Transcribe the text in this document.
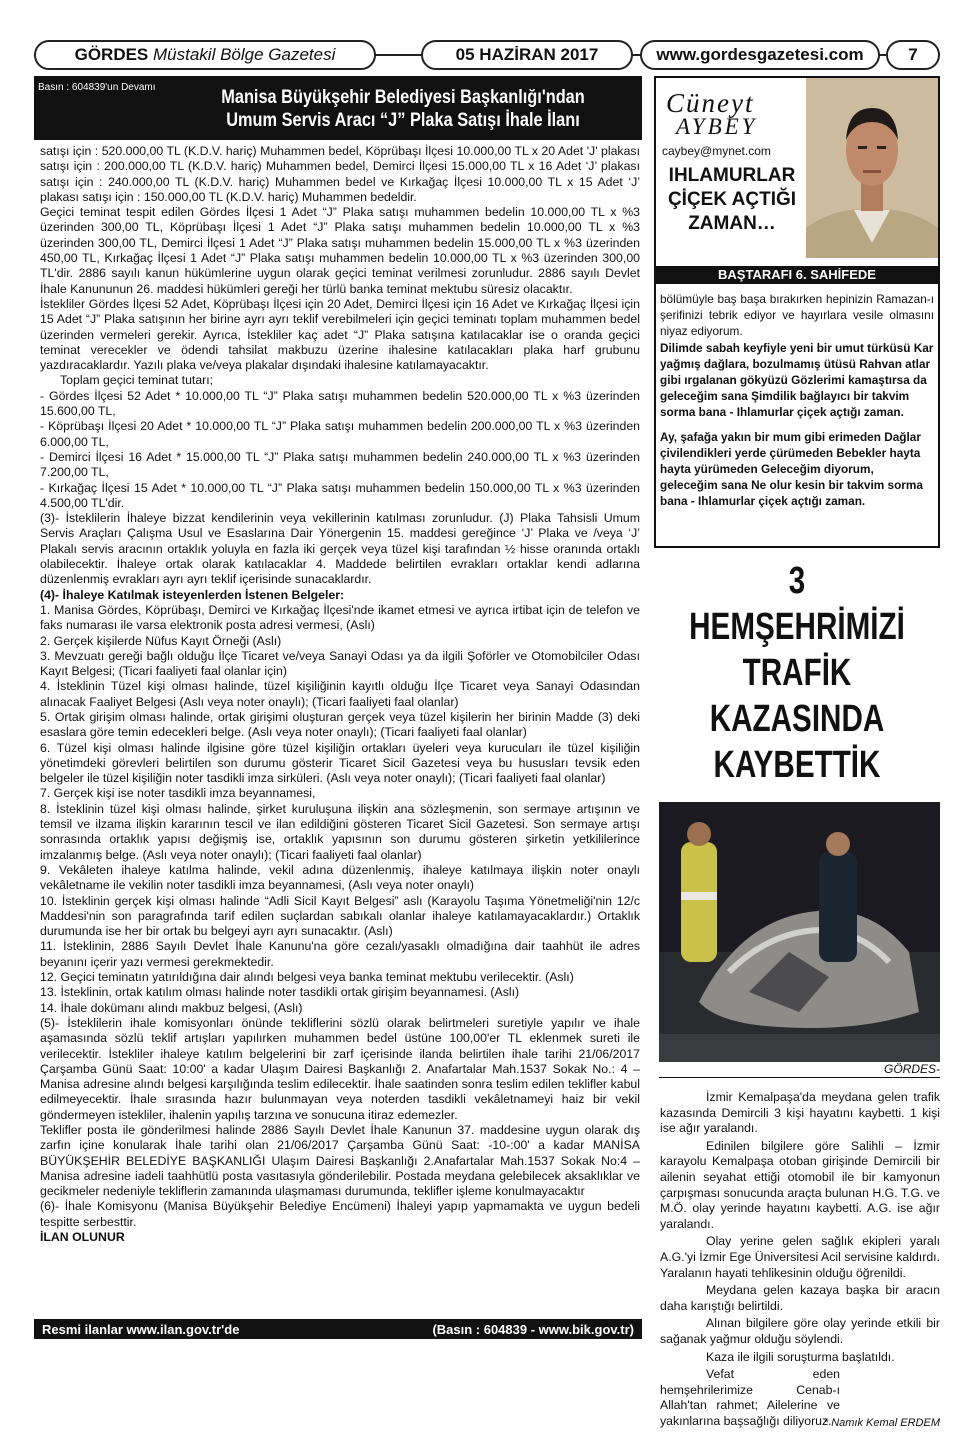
GÖRDES
Müstakil Bölge Gazetesi	05 HAZİRAN 2017	www.gordesgazetesi.com	7
Basın : 604839'un Devamı	Manisa Büyükşehir Belediyesi Başkanlığı'ndan
Umum Servis Aracı “J” Plaka Satışı İhale İlanı

satışı için : 520.000,00 TL (K.D.V. hariç) Muhammen bedel, Köprübaşı İlçesi 10.000,00 TL x 20 Adet 'J' plakası satışı için : 200.000,00 TL (K.D.V. hariç) Muhammen bedel, Demirci İlçesi 15.000,00 TL x 16 Adet ‘J’ plakası satışı için : 240.000,00 TL (K.D.V. hariç) Muhammen bedel ve Kırkağaç İlçesi 10.000,00 TL x 15 Adet ‘J’ plakası satışı için : 150.000,00 TL (K.D.V. hariç) Muhammen bedeldir.

Geçici teminat tespit edilen Gördes İlçesi 1 Adet “J” Plaka satışı muhammen bedelin 10.000,00 TL x %3 üzerinden 300,00 TL, Köprübaşı İlçesi 1 Adet “J” Plaka satışı muhammen bedelin 10.000,00 TL x %3 üzerinden 300,00 TL, Demirci İlçesi 1 Adet “J” Plaka satışı muhammen bedelin 15.000,00 TL x %3 üzerinden 450,00 TL, Kırkağaç İlçesi 1 Adet “J” Plaka satışı muhammen bedelin 10.000,00 TL x %3 üzerinden 300,00 TL'dir. 2886 sayılı kanun hükümlerine uygun olarak geçici teminat verilmesi zorunludur. 2886 sayılı Devlet İhale Kanununun 26. maddesi hükümleri gereği her türlü banka teminat mektubu süresiz olacaktır.

İstekliler Gördes İlçesi 52 Adet, Köprübaşı İlçesi için 20 Adet, Demirci İlçesi için 16 Adet ve Kırkağaç İlçesi için 15 Adet “J” Plaka satışının her birine ayrı ayrı teklif verebilmeleri için geçici teminatı toplam muhammen bedel üzerinden vermeleri gerekir. Ayrıca, İstekliler kaç adet “J” Plaka satışına katılacaklar ise o oranda geçici teminat verecekler ve ödendi tahsilat makbuzu üzerine ihalesine katılacakları plaka harf grubunu yazdıracaklardır. Yazılı plaka ve/veya plakalar dışındaki ihalesine katılamayacaktır.

Toplam geçici teminat tutarı;

- Gördes İlçesi 52 Adet * 10.000,00 TL “J” Plaka satışı muhammen bedelin 520.000,00 TL x %3 üzerinden 15.600,00 TL,

- Köprübaşı İlçesi 20 Adet * 10.000,00 TL “J” Plaka satışı muhammen bedelin 200.000,00 TL x %3 üzerinden 6.000,00 TL,

- Demirci İlçesi 16 Adet * 15.000,00 TL “J” Plaka satışı muhammen bedelin 240.000,00 TL x %3 üzerinden 7.200,00 TL,

- Kırkağaç İlçesi 15 Adet * 10.000,00 TL “J” Plaka satışı muhammen bedelin 150.000,00 TL x %3 üzerinden 4.500,00 TL'dir.

(3)- İsteklilerin İhaleye bizzat kendilerinin veya vekillerinin katılması zorunludur. (J) Plaka Tahsisli Umum Servis Araçları Çalışma Usul ve Esaslarına Dair Yönergenin 15. maddesi gereğince ‘J’ Plaka ve /veya ‘J’ Plakalı servis aracının ortaklık yoluyla en fazla iki gerçek veya tüzel kişi tarafından ½ hisse oranında ortaklı olabilecektir. İhaleye ortak olarak katılacaklar 4. Maddede belirtilen evrakları ortaklar kendi adlarına düzenlenmiş evrakları ayrı ayrı teklif içerisinde sunacaklardır.

(4)- İhaleye Katılmak isteyenlerden İstenen Belgeler:

1. Manisa Gördes, Köprübaşı, Demirci ve Kırkağaç İlçesi'nde ikamet etmesi ve ayrıca irtibat için de telefon ve faks numarası ile varsa elektronik posta adresi vermesi, (Aslı)

2. Gerçek kişilerde Nüfus Kayıt Örneği (Aslı)

3. Mevzuatı gereği bağlı olduğu İlçe Ticaret ve/veya Sanayi Odası ya da ilgili Şoförler ve Otomobilciler Odası Kayıt Belgesi; (Ticari faaliyeti faal olanlar için)

4. İsteklinin Tüzel kişi olması halinde, tüzel kişiliğinin kayıtlı olduğu İlçe Ticaret veya Sanayi Odasından alınacak Faaliyet Belgesi (Aslı veya noter onaylı); (Ticari faaliyeti faal olanlar)

5. Ortak girişim olması halinde, ortak girişimi oluşturan gerçek veya tüzel kişilerin her birinin Madde (3) deki esaslara göre temin edecekleri belge. (Aslı veya noter onaylı); (Ticari faaliyeti faal olanlar)

6. Tüzel kişi olması halinde ilgisine göre tüzel kişiliğin ortakları üyeleri veya kurucuları ile tüzel kişiliğin yönetimdeki görevleri belirtilen son durumu gösterir Ticaret Sicil Gazetesi veya bu hususları tevsik eden belgeler ile tüzel kişiliğin noter tasdikli imza sirküleri. (Aslı veya noter onaylı); (Ticari faaliyeti faal olanlar)

7. Gerçek kişi ise noter tasdikli imza beyannamesi,

8. İsteklinin tüzel kişi olması halinde, şirket kuruluşuna ilişkin ana sözleşmenin, son sermaye artışının ve temsil ve ilzama ilişkin kararının tescil ve ilan edildiğini gösteren Ticaret Sicil Gazetesi. Son sermaye artışı sonrasında ortaklık yapısı değişmiş ise, ortaklık yapısının son durumu gösteren şirketin yetkililerince imzalanmış belge. (Aslı veya noter onaylı); (Ticari faaliyeti faal olanlar)

9. Vekâleten ihaleye katılma halinde, vekil adına düzenlenmiş, ihaleye katılmaya ilişkin noter onaylı vekâletname ile vekilin noter tasdikli imza beyannamesi, (Aslı veya noter onaylı)

10. İsteklinin gerçek kişi olması halinde “Adli Sicil Kayıt Belgesi” aslı (Karayolu Taşıma Yönetmeliği'nin 12/c Maddesi'nin son paragrafında tarif edilen suçlardan sabıkalı olanlar ihaleye katılamayacaklardır.) Ortaklık durumunda ise her bir ortak bu belgeyi ayrı ayrı sunacaktır. (Aslı)

11. İsteklinin, 2886 Sayılı Devlet İhale Kanunu'na göre cezalı/yasaklı olmadığına dair taahhüt ile adres beyanını içerir yazı vermesi gerekmektedir.

12. Geçici teminatın yatırıldığına dair alındı belgesi veya banka teminat mektubu verilecektir. (Aslı)

13. İsteklinin, ortak katılım olması halinde noter tasdikli ortak girişim beyannamesi. (Aslı)

14. İhale dokümanı alındı makbuz belgesi, (Aslı)

(5)- İsteklilerin ihale komisyonları önünde tekliflerini sözlü olarak belirtmeleri suretiyle yapılır ve ihale aşamasında sözlü teklif artışları yapılırken muhammen bedel üstüne 100,00'er TL eklenmek sureti ile verilecektir. İstekliler ihaleye katılım belgelerini bir zarf içerisinde ilanda belirtilen ihale tarihi 21/06/2017 Çarşamba Günü Saat: 10:00' a kadar Ulaşım Dairesi Başkanlığı 2. Anafartalar Mah.1537 Sokak No.: 4 – Manisa adresine alındı belgesi karşılığında teslim edilecektir. İhale saatinden sonra teslim edilen teklifler kabul edilmeyecektir. İhale sırasında hazır bulunmayan veya noterden tasdikli vekâletnameyi haiz bir vekil göndermeyen istekliler, ihalenin yapılış tarzına ve sonucuna itiraz edemezler.

Teklifler posta ile gönderilmesi halinde 2886 Sayılı Devlet İhale Kanunun 37. maddesine uygun olarak dış zarfın içine konularak İhale tarihi olan 21/06/2017 Çarşamba Günü Saat: -10-:00' a kadar MANİSA BÜYÜKŞEHİR BELEDİYE BAŞKANLIĞI Ulaşım Dairesi Başkanlığı 2.Anafartalar Mah.1537 Sokak No:4 – Manisa adresine iadeli taahhütlü posta vasıtasıyla gönderilebilir. Postada meydana gelebilecek aksaklıklar ve gecikmeler nedeniyle tekliflerin zamanında ulaşmaması durumunda, teklifler işleme konulmayacaktır

(6)- İhale Komisyonu (Manisa Büyükşehir Belediye Encümeni) İhaleyi yapıp yapmamakta ve uygun bedeli tespitte serbesttir.

İLAN OLUNUR

Resmi ilanlar www.ilan.gov.tr'de	(Basın : 604839 - www.bik.gov.tr)
Cüneyt
AYBEY
caybey@mynet.com
IHLAMURLAR ÇİÇEK AÇTIĞI ZAMAN…
BAŞTARAFI 6. SAHİFEDE

bölümüyle baş başa bırakırken hepinizin Ramazan-ı şerifinizi tebrik ediyor ve hayırlara vesile olmasını niyaz ediyorum.

Dilimde sabah keyfiyle yeni bir umut türküsü Kar yağmış dağlara, bozulmamış ütüsü Rahvan atlar gibi ırgalanan gökyüzü Gözlerimi kamaştırsa da geleceğim sana Şimdilik bağlayıcı bir takvim sorma bana - Ihlamurlar çiçek açtığı zaman.

Ay, şafağa yakın bir mum gibi erimeden Dağlar çivilendikleri yerde çürümeden Bebekler hayta hayta yürümeden Geleceğim diyorum, geleceğim sana Ne olur kesin bir takvim sorma bana - Ihlamurlar çiçek açtığı zaman.

3 HEMŞEHRİMİZİ TRAFİK KAZASINDA KAYBETTİK
GÖRDES-

İzmir Kemalpaşa'da meydana gelen trafik kazasında Demircili 3 kişi hayatını kaybetti. 1 kişi ise ağır yaralandı.

Edinilen bilgilere göre Salihli – İzmir karayolu Kemalpaşa otoban girişinde Demircili bir ailenin seyahat ettiği otomobil ile bir kamyonun çarpışması sonucunda araçta bulunan H.G. T.G. ve M.Ö. olay yerinde hayatını kaybetti. A.G. ise ağır yaralandı.

Olay yerine gelen sağlık ekipleri yaralı A.G.'yi İzmir Ege Üniversitesi Acil servisine kaldırdı. Yaralanın hayati tehlikesinin olduğu öğrenildi.

Meydana gelen kazaya başka bir aracın daha karıştığı belirtildi.

Alınan bilgilere göre olay yerinde etkili bir sağanak yağmur olduğu söylendi.

Kaza ile ilgili soruşturma başlatıldı.

Vefat eden hemşehrilerimize Cenab-ı Allah'tan rahmet; Ailelerine ve yakınlarına başsağlığı diliyoruz.

* Namık Kemal ERDEM
